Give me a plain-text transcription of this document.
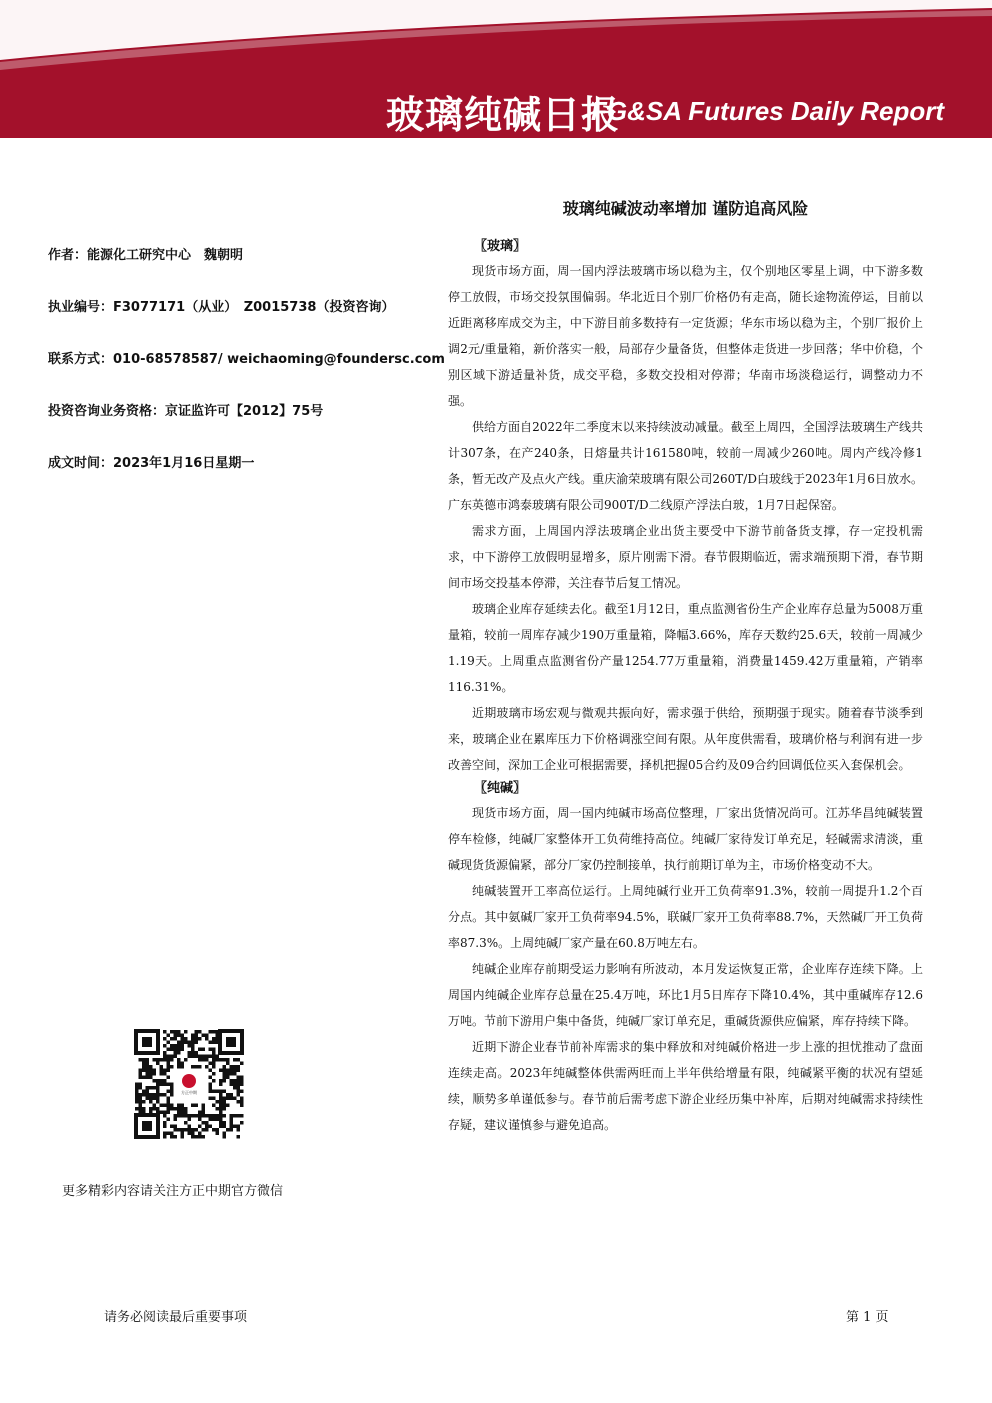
玻璃纯碱日报
FG&SA Futures Daily Report
玻璃纯碱波动率增加 谨防追高风险
作者：能源化工研究中心　魏朝明
执业编号：F3077171（从业）　Z0015738（投资咨询）
联系方式：010-68578587/ weichaoming@foundersc.com
投资咨询业务资格：京证监许可【2012】75号
成文时间：2023年1月16日星期一
〖玻璃〗

现货市场方面，周一国内浮法玻璃市场以稳为主，仅个别地区零星上调，中下游多数停工放假，市场交投氛围偏弱。华北近日个别厂价格仍有走高，随长途物流停运，目前以近距离移库成交为主，中下游目前多数持有一定货源；华东市场以稳为主，个别厂报价上调2元/重量箱，新价落实一般，局部存少量备货，但整体走货进一步回落；华中价稳，个别区域下游适量补货，成交平稳，多数交投相对停滞；华南市场淡稳运行，调整动力不强。

供给方面自2022年二季度末以来持续波动减量。截至上周四，全国浮法玻璃生产线共计307条，在产240条，日熔量共计161580吨，较前一周减少260吨。周内产线冷修1条，暂无改产及点火产线。重庆渝荣玻璃有限公司260T/D白玻线于2023年1月6日放水。广东英德市鸿泰玻璃有限公司900T/D二线原产浮法白玻，1月7日起保窑。

需求方面，上周国内浮法玻璃企业出货主要受中下游节前备货支撑，存一定投机需求，中下游停工放假明显增多，原片刚需下滑。春节假期临近，需求端预期下滑，春节期间市场交投基本停滞，关注春节后复工情况。

玻璃企业库存延续去化。截至1月12日，重点监测省份生产企业库存总量为5008万重量箱，较前一周库存减少190万重量箱，降幅3.66%，库存天数约25.6天，较前一周减少1.19天。上周重点监测省份产量1254.77万重量箱，消费量1459.42万重量箱，产销率116.31%。

近期玻璃市场宏观与微观共振向好，需求强于供给，预期强于现实。随着春节淡季到来，玻璃企业在累库压力下价格调涨空间有限。从年度供需看，玻璃价格与利润有进一步改善空间，深加工企业可根据需要，择机把握05合约及09合约回调低位买入套保机会。

〖纯碱〗

现货市场方面，周一国内纯碱市场高位整理，厂家出货情况尚可。江苏华昌纯碱装置停车检修，纯碱厂家整体开工负荷维持高位。纯碱厂家待发订单充足，轻碱需求清淡，重碱现货货源偏紧，部分厂家仍控制接单，执行前期订单为主，市场价格变动不大。

纯碱装置开工率高位运行。上周纯碱行业开工负荷率91.3%，较前一周提升1.2个百分点。其中氨碱厂家开工负荷率94.5%，联碱厂家开工负荷率88.7%，天然碱厂开工负荷率87.3%。上周纯碱厂家产量在60.8万吨左右。

纯碱企业库存前期受运力影响有所波动，本月发运恢复正常，企业库存连续下降。上周国内纯碱企业库存总量在25.4万吨，环比1月5日库存下降10.4%，其中重碱库存12.6万吨。节前下游用户集中备货，纯碱厂家订单充足，重碱货源供应偏紧，库存持续下降。

近期下游企业春节前补库需求的集中释放和对纯碱价格进一步上涨的担忧推动了盘面连续走高。2023年纯碱整体供需两旺而上半年供给增量有限，纯碱紧平衡的状况有望延续，顺势多单谨低参与。春节前后需考虑下游企业经历集中补库，后期对纯碱需求持续性存疑，建议谨慎参与避免追高。

方正中期
更多精彩内容请关注方正中期官方微信
请务必阅读最后重要事项	第 1 页
